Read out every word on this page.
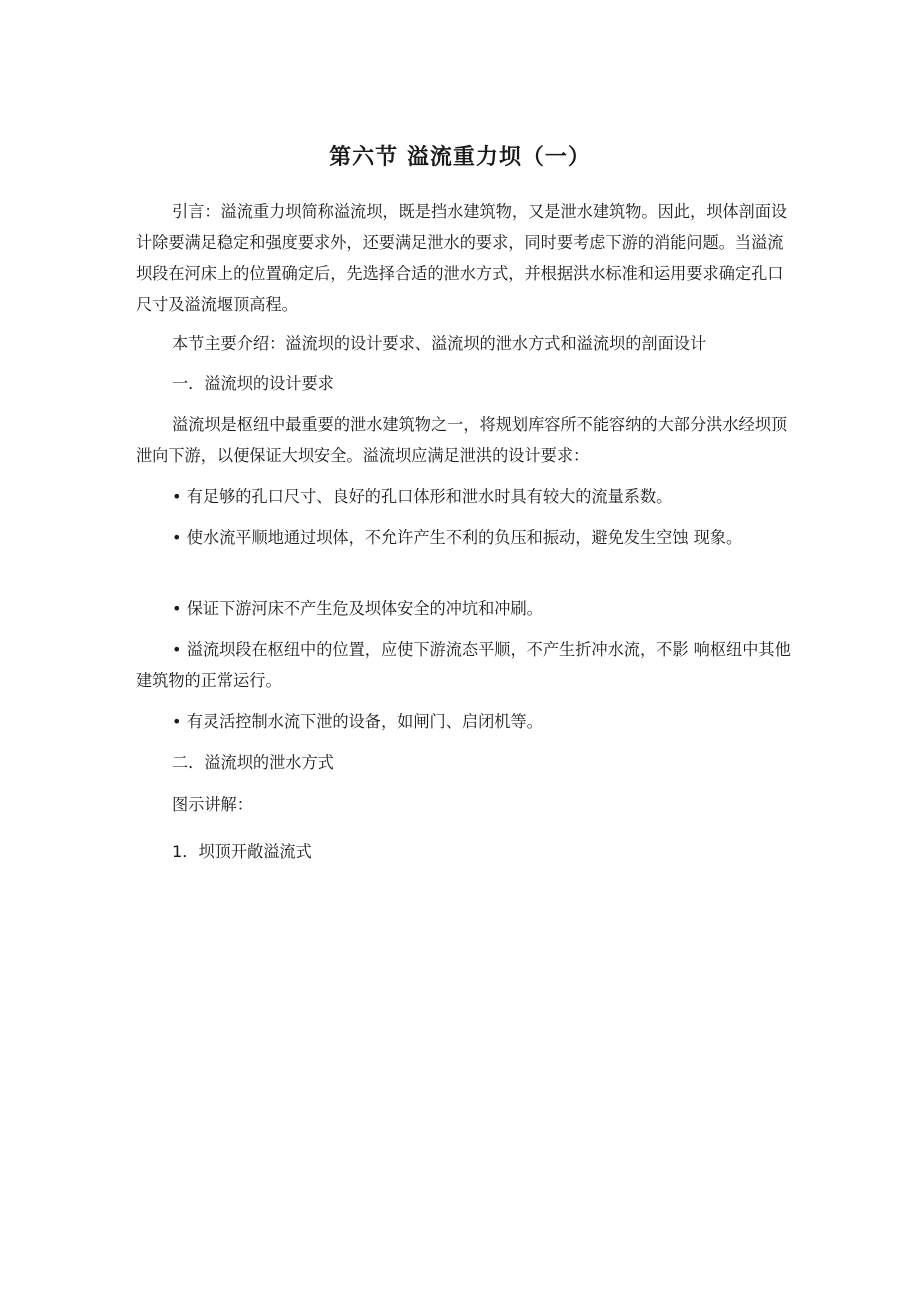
第六节 溢流重力坝（一）

引言：溢流重力坝简称溢流坝，既是挡水建筑物，又是泄水建筑物。因此，坝体剖面设计除要满足稳定和强度要求外，还要满足泄水的要求，同时要考虑下游的消能问题。当溢流坝段在河床上的位置确定后，先选择合适的泄水方式，并根据洪水标准和运用要求确定孔口尺寸及溢流堰顶高程。

本节主要介绍：溢流坝的设计要求、溢流坝的泄水方式和溢流坝的剖面设计

一．溢流坝的设计要求

溢流坝是枢纽中最重要的泄水建筑物之一，将规划库容所不能容纳的大部分洪水经坝顶泄向下游，以便保证大坝安全。溢流坝应满足泄洪的设计要求：

• 有足够的孔口尺寸、良好的孔口体形和泄水时具有较大的流量系数。

• 使水流平顺地通过坝体，不允许产生不利的负压和振动，避免发生空蚀 现象。

• 保证下游河床不产生危及坝体安全的冲坑和冲刷。

• 溢流坝段在枢纽中的位置，应使下游流态平顺，不产生折冲水流，不影 响枢纽中其他建筑物的正常运行。

• 有灵活控制水流下泄的设备，如闸门、启闭机等。

二．溢流坝的泄水方式

图示讲解：

1．坝顶开敞溢流式
